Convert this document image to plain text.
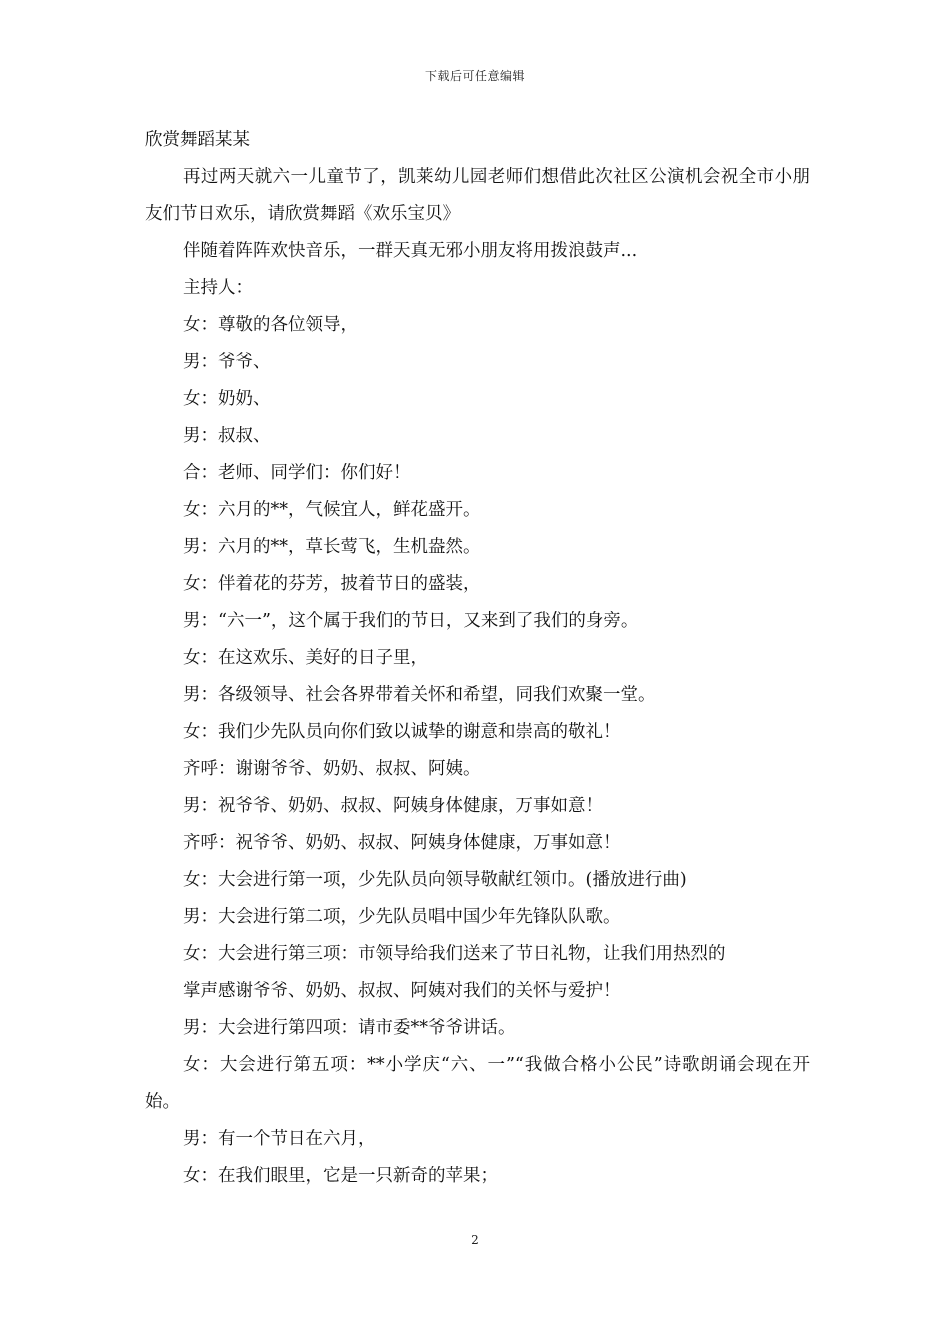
下载后可任意编辑

欣赏舞蹈某某

再过两天就六一儿童节了，凯莱幼儿园老师们想借此次社区公演机会祝全市小朋友们节日欢乐，请欣赏舞蹈《欢乐宝贝》

伴随着阵阵欢快音乐，一群天真无邪小朋友将用拨浪鼓声...

主持人：

女：尊敬的各位领导，

男：爷爷、

女：奶奶、

男：叔叔、

合：老师、同学们：你们好！

女：六月的**，气候宜人，鲜花盛开。

男：六月的**，草长莺飞，生机盎然。

女：伴着花的芬芳，披着节日的盛装，

男：“六一”，这个属于我们的节日，又来到了我们的身旁。

女：在这欢乐、美好的日子里，

男：各级领导、社会各界带着关怀和希望，同我们欢聚一堂。

女：我们少先队员向你们致以诚挚的谢意和崇高的敬礼！

齐呼：谢谢爷爷、奶奶、叔叔、阿姨。

男：祝爷爷、奶奶、叔叔、阿姨身体健康，万事如意！

齐呼：祝爷爷、奶奶、叔叔、阿姨身体健康，万事如意！

女：大会进行第一项，少先队员向领导敬献红领巾。(播放进行曲)

男：大会进行第二项，少先队员唱中国少年先锋队队歌。

女：大会进行第三项：市领导给我们送来了节日礼物，让我们用热烈的

掌声感谢爷爷、奶奶、叔叔、阿姨对我们的关怀与爱护！

男：大会进行第四项：请市委**爷爷讲话。

女：大会进行第五项：**小学庆“六、一”“我做合格小公民”诗歌朗诵会现在开始。

男：有一个节日在六月，

女：在我们眼里，它是一只新奇的苹果；

2
